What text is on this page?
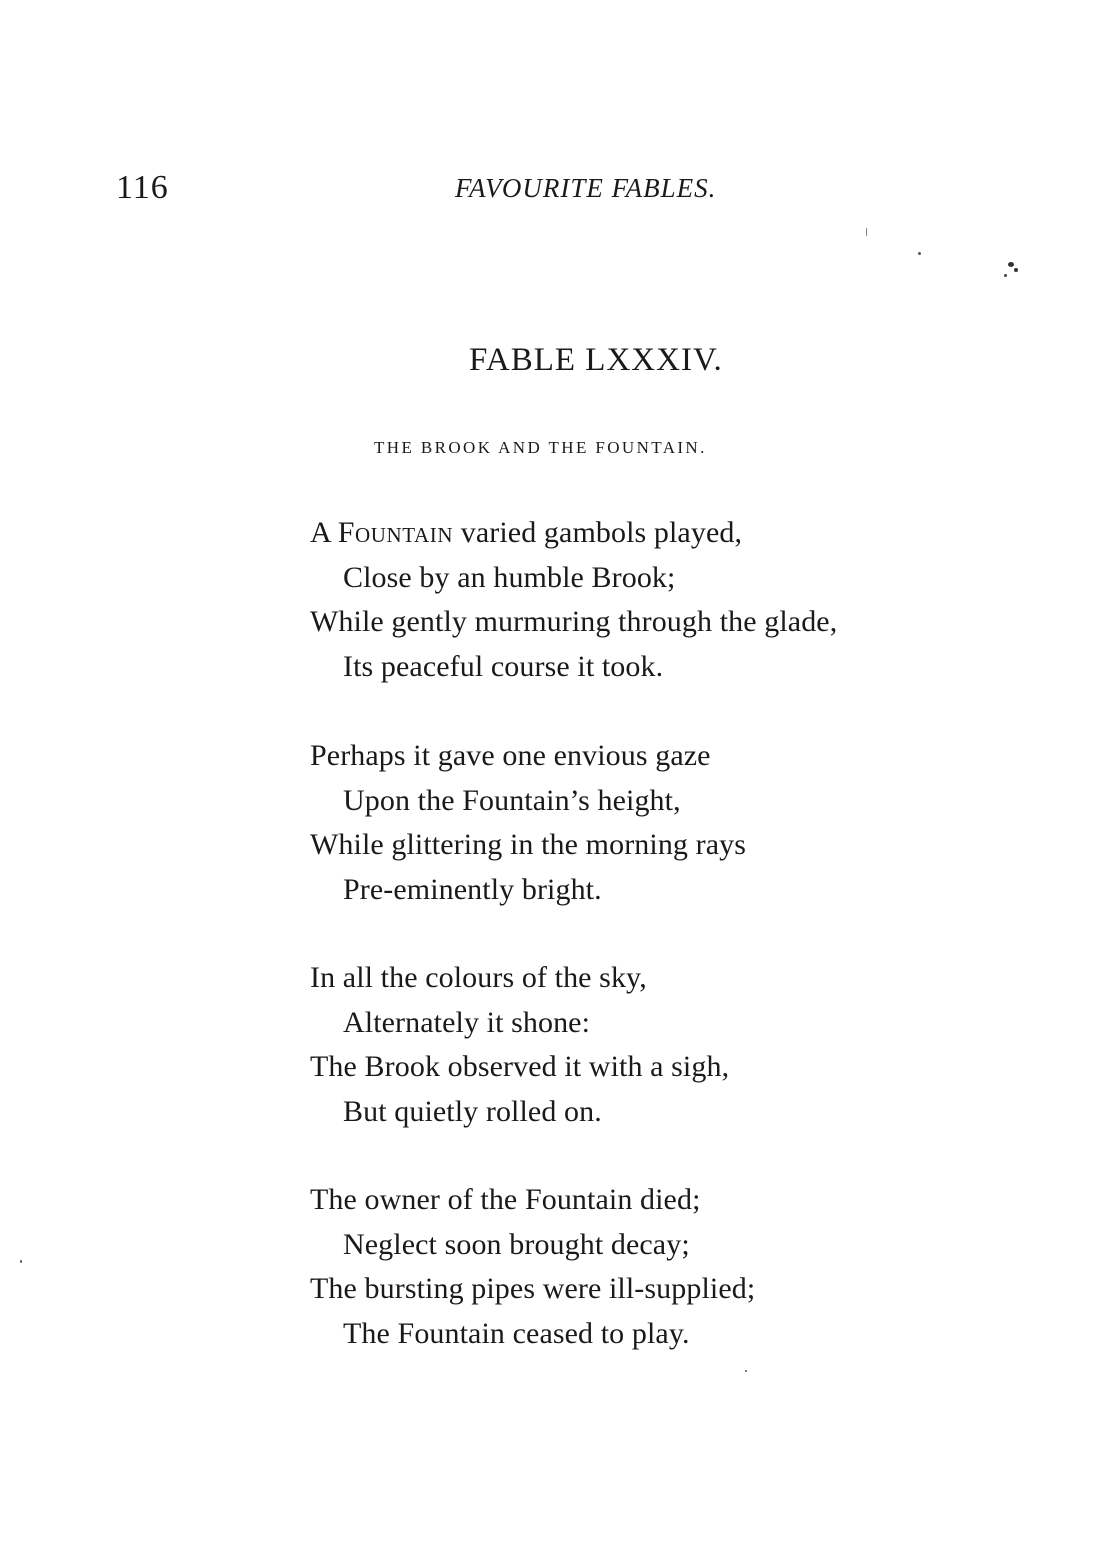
116	FAVOURITE FABLES.
FABLE LXXXIV.
THE BROOK AND THE FOUNTAIN.
A Fountain varied gambols played,
Close by an humble Brook;
While gently murmuring through the glade,
Its peaceful course it took.
Perhaps it gave one envious gaze
Upon the Fountain’s height,
While glittering in the morning rays
Pre-eminently bright.
In all the colours of the sky,
Alternately it shone:
The Brook observed it with a sigh,
But quietly rolled on.
The owner of the Fountain died;
Neglect soon brought decay;
The bursting pipes were ill-supplied;
The Fountain ceased to play.
